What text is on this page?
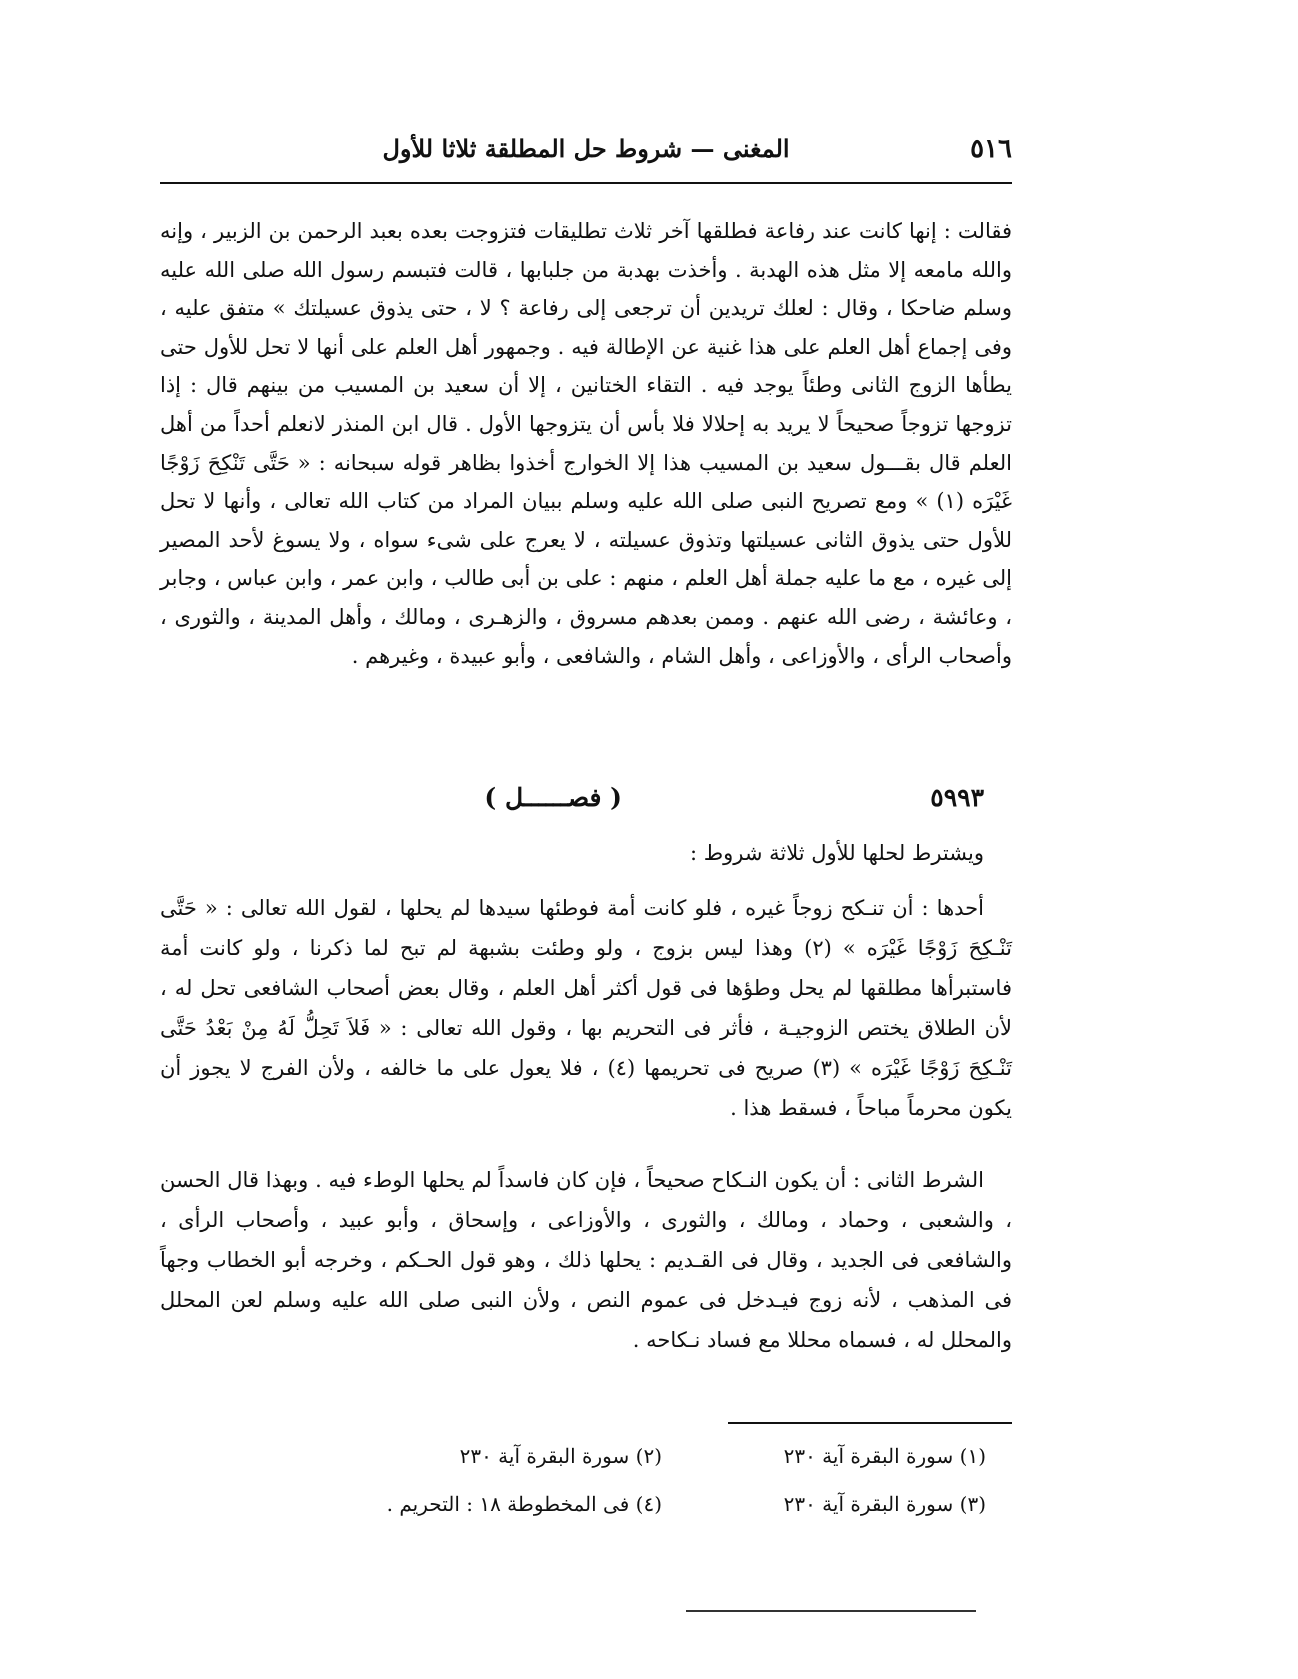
٥١٦
المغنى — شروط حل المطلقة ثلاثا للأول

فقالت : إنها كانت عند رفاعة فطلقها آخر ثلاث تطليقات فتزوجت بعده بعبد الرحمن بن الزبير ، وإنه والله مامعه إلا مثل هذه الهدبة . وأخذت بهدبة من جلبابها ، قالت فتبسم رسول الله صلى الله عليه وسلم ضاحكا ، وقال : لعلك تريدين أن ترجعى إلى رفاعة ؟ لا ، حتى يذوق عسيلتك » متفق عليه ، وفى إجماع أهل العلم على هذا غنية عن الإطالة فيه . وجمهور أهل العلم على أنها لا تحل للأول حتى يطأها الزوج الثانى وطئاً يوجد فيه . التقاء الختانين ، إلا أن سعيد بن المسيب من بينهم قال : إذا تزوجها تزوجاً صحيحاً لا يريد به إحلالا فلا بأس أن يتزوجها الأول . قال ابن المنذر لانعلم أحداً من أهل العلم قال بقـــول سعيد بن المسيب هذا إلا الخوارج أخذوا بظاهر قوله سبحانه : « حَتَّى تَنْكِحَ زَوْجًا غَيْرَه (١) » ومع تصريح النبى صلى الله عليه وسلم ببيان المراد من كتاب الله تعالى ، وأنها لا تحل للأول حتى يذوق الثانى عسيلتها وتذوق عسيلته ، لا يعرج على شىء سواه ، ولا يسوغ لأحد المصير إلى غيره ، مع ما عليه جملة أهل العلم ، منهم : على بن أبى طالب ، وابن عمر ، وابن عباس ، وجابر ، وعائشة ، رضى الله عنهم . وممن بعدهم مسروق ، والزهـرى ، ومالك ، وأهل المدينة ، والثورى ، وأصحاب الرأى ، والأوزاعى ، وأهل الشام ، والشافعى ، وأبو عبيدة ، وغيرهم .

٥٩٩٣
( فصــــــل )
ويشترط لحلها للأول ثلاثة شروط :

أحدها : أن تنـكح زوجاً غيره ، فلو كانت أمة فوطئها سيدها لم يحلها ، لقول الله تعالى : « حَتَّى تَنْـكِحَ زَوْجًا غَيْرَه » (٢) وهذا ليس بزوج ، ولو وطئت بشبهة لم تبح لما ذكرنا ، ولو كانت أمة فاستبرأها مطلقها لم يحل وطؤها فى قول أكثر أهل العلم ، وقال بعض أصحاب الشافعى تحل له ، لأن الطلاق يختص الزوجيـة ، فأثر فى التحريم بها ، وقول الله تعالى : « فَلاَ تَحِلُّ لَهُ مِنْ بَعْدُ حَتَّى تَنْـكِحَ زَوْجًا غَيْرَه » (٣) صريح فى تحريمها (٤) ، فلا يعول على ما خالفه ، ولأن الفرج لا يجوز أن يكون محرماً مباحاً ، فسقط هذا .

الشرط الثانى : أن يكون النـكاح صحيحاً ، فإن كان فاسداً لم يحلها الوطء فيه . وبهذا قال الحسن ، والشعبى ، وحماد ، ومالك ، والثورى ، والأوزاعى ، وإسحاق ، وأبو عبيد ، وأصحاب الرأى ، والشافعى فى الجديد ، وقال فى القـديم : يحلها ذلك ، وهو قول الحـكم ، وخرجه أبو الخطاب وجهاً فى المذهب ، لأنه زوج فيـدخل فى عموم النص ، ولأن النبى صلى الله عليه وسلم لعن المحلل والمحلل له ، فسماه محللا مع فساد نـكاحه .

(١) سورة البقرة آية ٢٣٠
(٢) سورة البقرة آية ٢٣٠
(٣) سورة البقرة آية ٢٣٠
(٤) فى المخطوطة ١٨ : التحريم .
